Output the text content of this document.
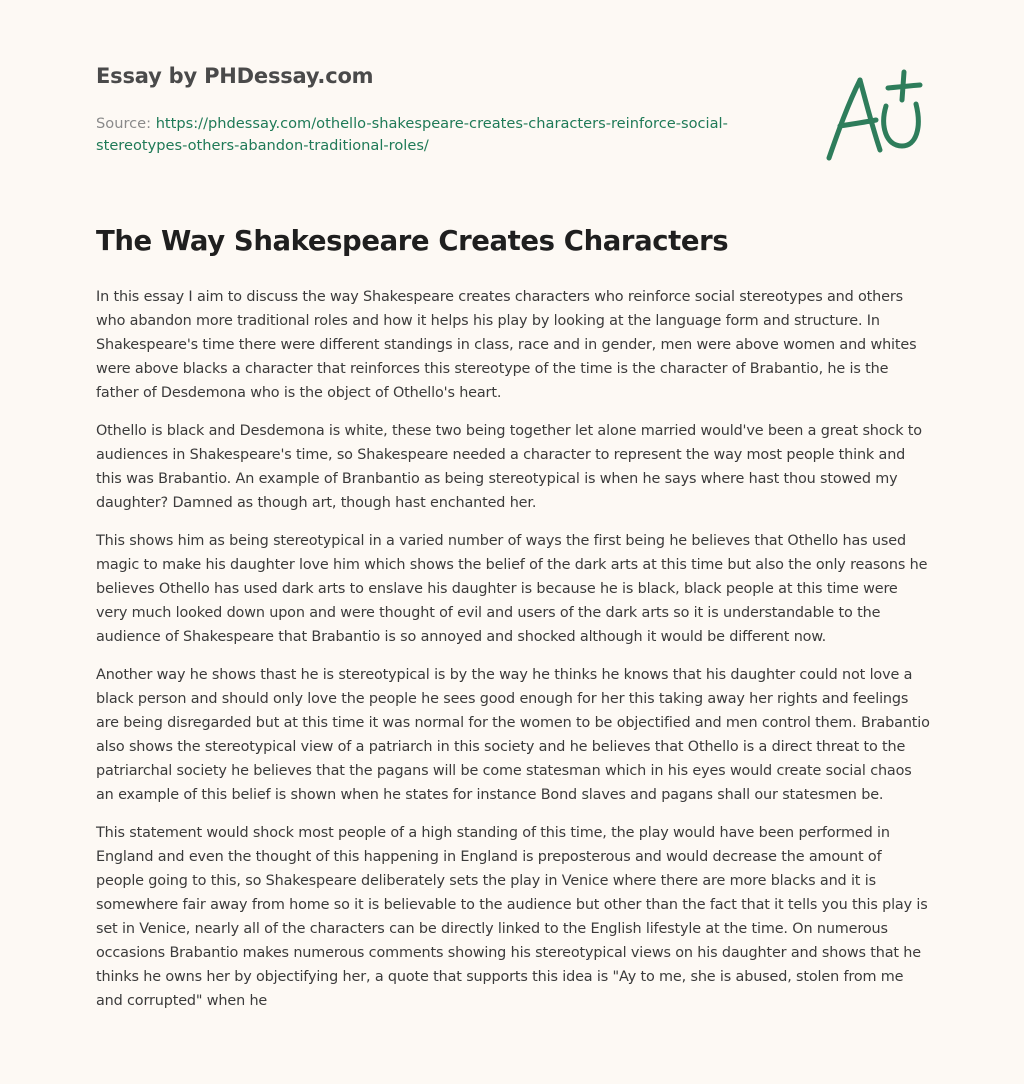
Essay by PHDessay.com
Source: https://phdessay.com/othello-shakespeare-creates-characters-reinforce-social-stereotypes-others-abandon-traditional-roles/
The Way Shakespeare Creates Characters

In this essay I aim to discuss the way Shakespeare creates characters who reinforce social stereotypes and others who abandon more traditional roles and how it helps his play by looking at the language form and structure. In Shakespeare's time there were different standings in class, race and in gender, men were above women and whites were above blacks a character that reinforces this stereotype of the time is the character of Brabantio, he is the father of Desdemona who is the object of Othello's heart.

Othello is black and Desdemona is white, these two being together let alone married would've been a great shock to audiences in Shakespeare's time, so Shakespeare needed a character to represent the way most people think and this was Brabantio. An example of Branbantio as being stereotypical is when he says where hast thou stowed my daughter? Damned as though art, though hast enchanted her.

This shows him as being stereotypical in a varied number of ways the first being he believes that Othello has used magic to make his daughter love him which shows the belief of the dark arts at this time but also the only reasons he believes Othello has used dark arts to enslave his daughter is because he is black, black people at this time were very much looked down upon and were thought of evil and users of the dark arts so it is understandable to the audience of Shakespeare that Brabantio is so annoyed and shocked although it would be different now.

Another way he shows thast he is stereotypical is by the way he thinks he knows that his daughter could not love a black person and should only love the people he sees good enough for her this taking away her rights and feelings are being disregarded but at this time it was normal for the women to be objectified and men control them. Brabantio also shows the stereotypical view of a patriarch in this society and he believes that Othello is a direct threat to the patriarchal society he believes that the pagans will be come statesman which in his eyes would create social chaos an example of this belief is shown when he states for instance Bond slaves and pagans shall our statesmen be.

This statement would shock most people of a high standing of this time, the play would have been performed in England and even the thought of this happening in England is preposterous and would decrease the amount of people going to this, so Shakespeare deliberately sets the play in Venice where there are more blacks and it is somewhere fair away from home so it is believable to the audience but other than the fact that it tells you this play is set in Venice, nearly all of the characters can be directly linked to the English lifestyle at the time. On numerous occasions Brabantio makes numerous comments showing his stereotypical views on his daughter and shows that he thinks he owns her by objectifying her, a quote that supports this idea is "Ay to me, she is abused, stolen from me and corrupted" when he
